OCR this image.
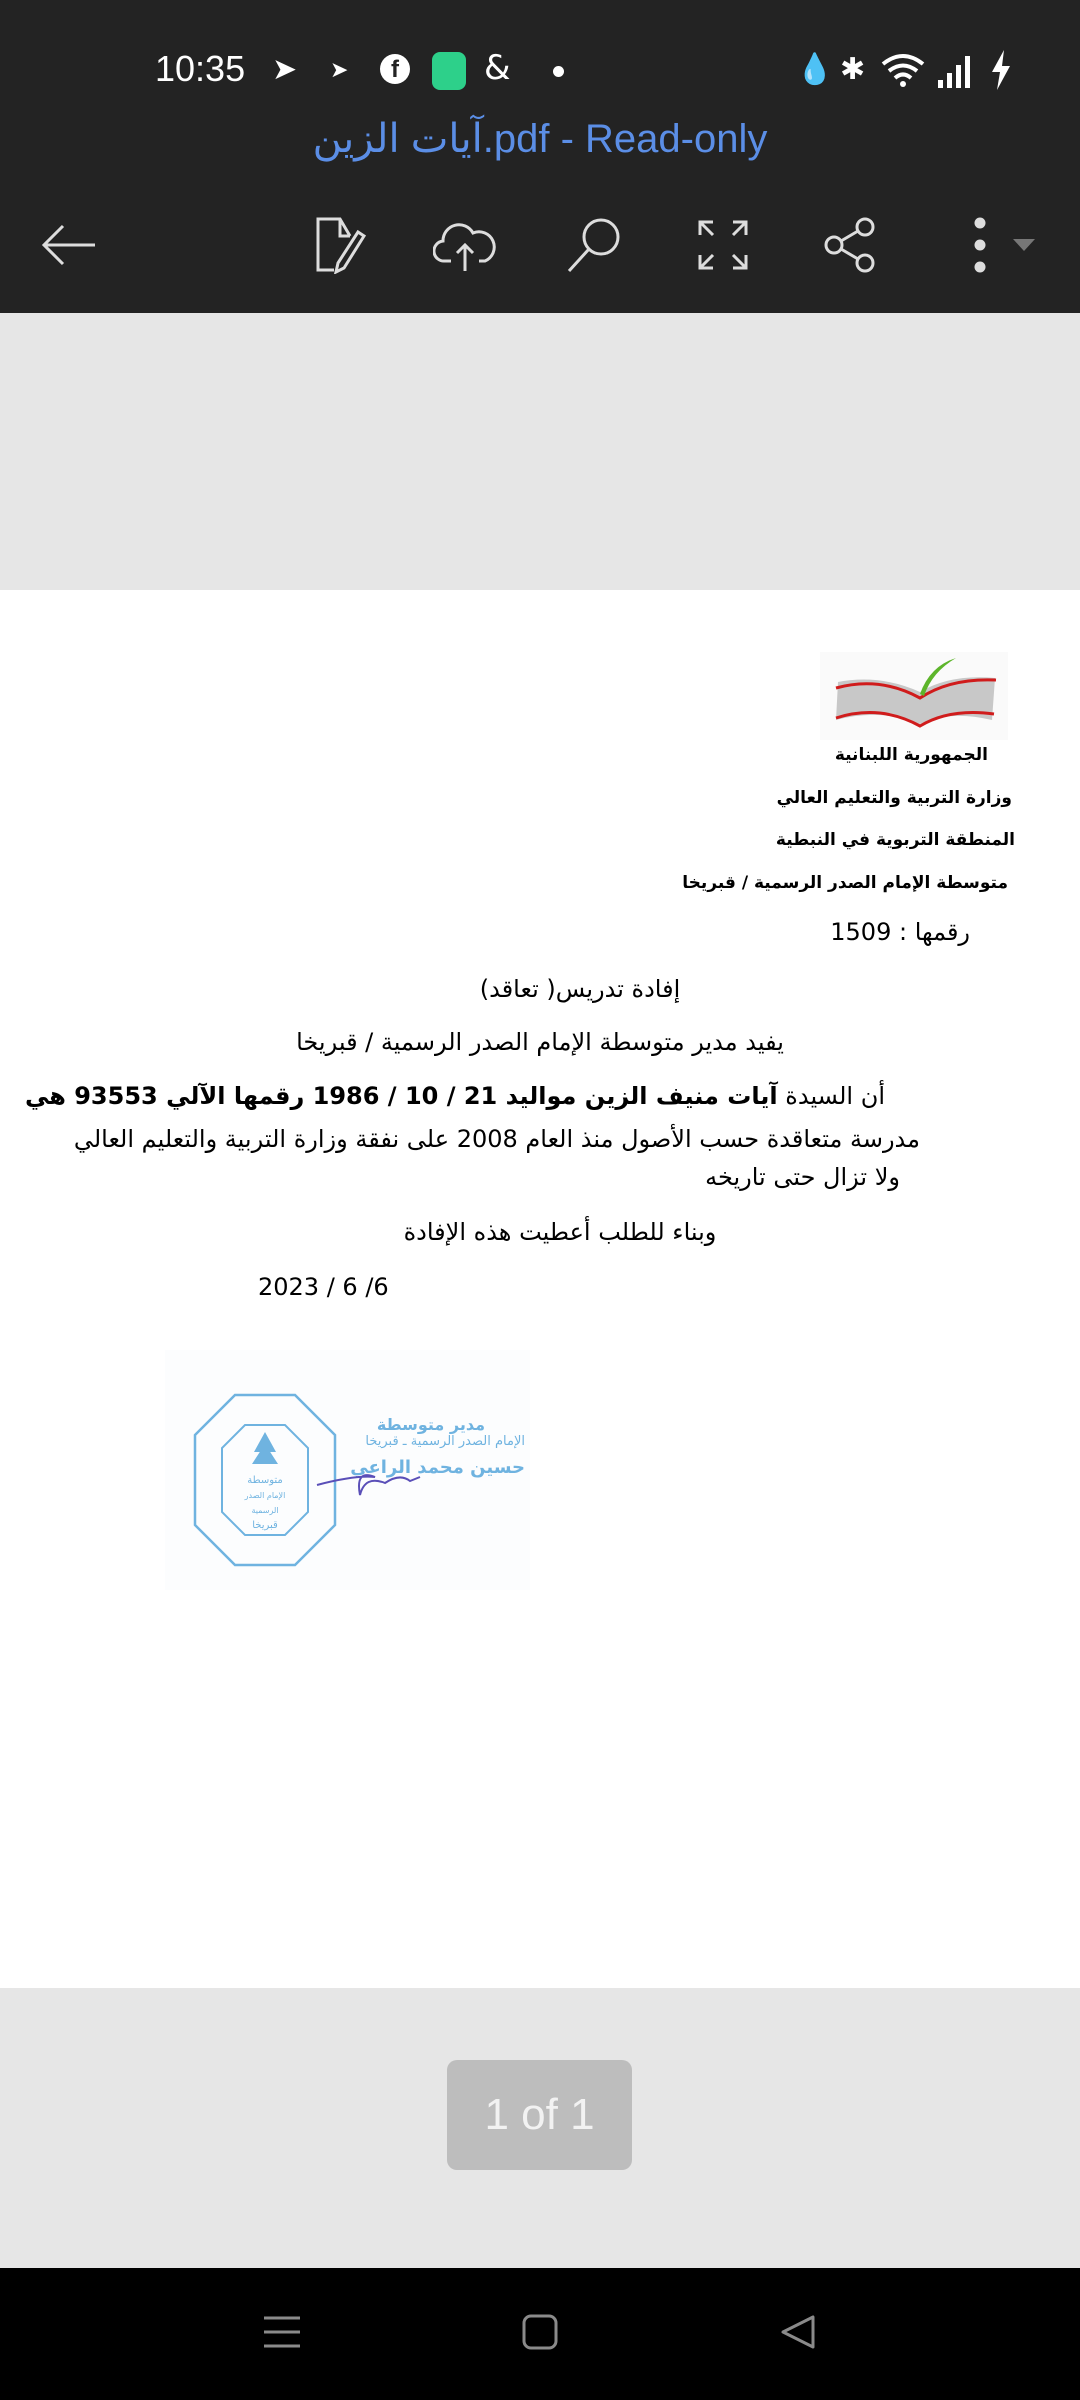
10:35 ➤ ➤	f	&	💧 ✱
آيات الزين.pdf - Read-only
الجمهورية اللبنانية
وزارة التربية والتعليم العالي
المنطقة التربوية في النبطية
متوسطة الإمام الصدر الرسمية / قبريخا
رقمها : 1509
إفادة تدريس( تعاقد)
يفيد مدير متوسطة الإمام الصدر الرسمية / قبريخا
أن السيدة آيات منيف الزين مواليد 21 / 10 / 1986 رقمها الآلي 93553 هي
مدرسة متعاقدة حسب الأصول منذ العام 2008 على نفقة وزارة التربية والتعليم العالي
ولا تزال حتى تاريخه
وبناء للطلب أعطيت هذه الإفادة
2023 / 6 /6
متوسطة
الإمام الصدر الرسمية
قبريخا
مدير متوسطة
الإمام الصدر الرسمية ـ قبريخا
حسين محمد الراعي
1 of 1
